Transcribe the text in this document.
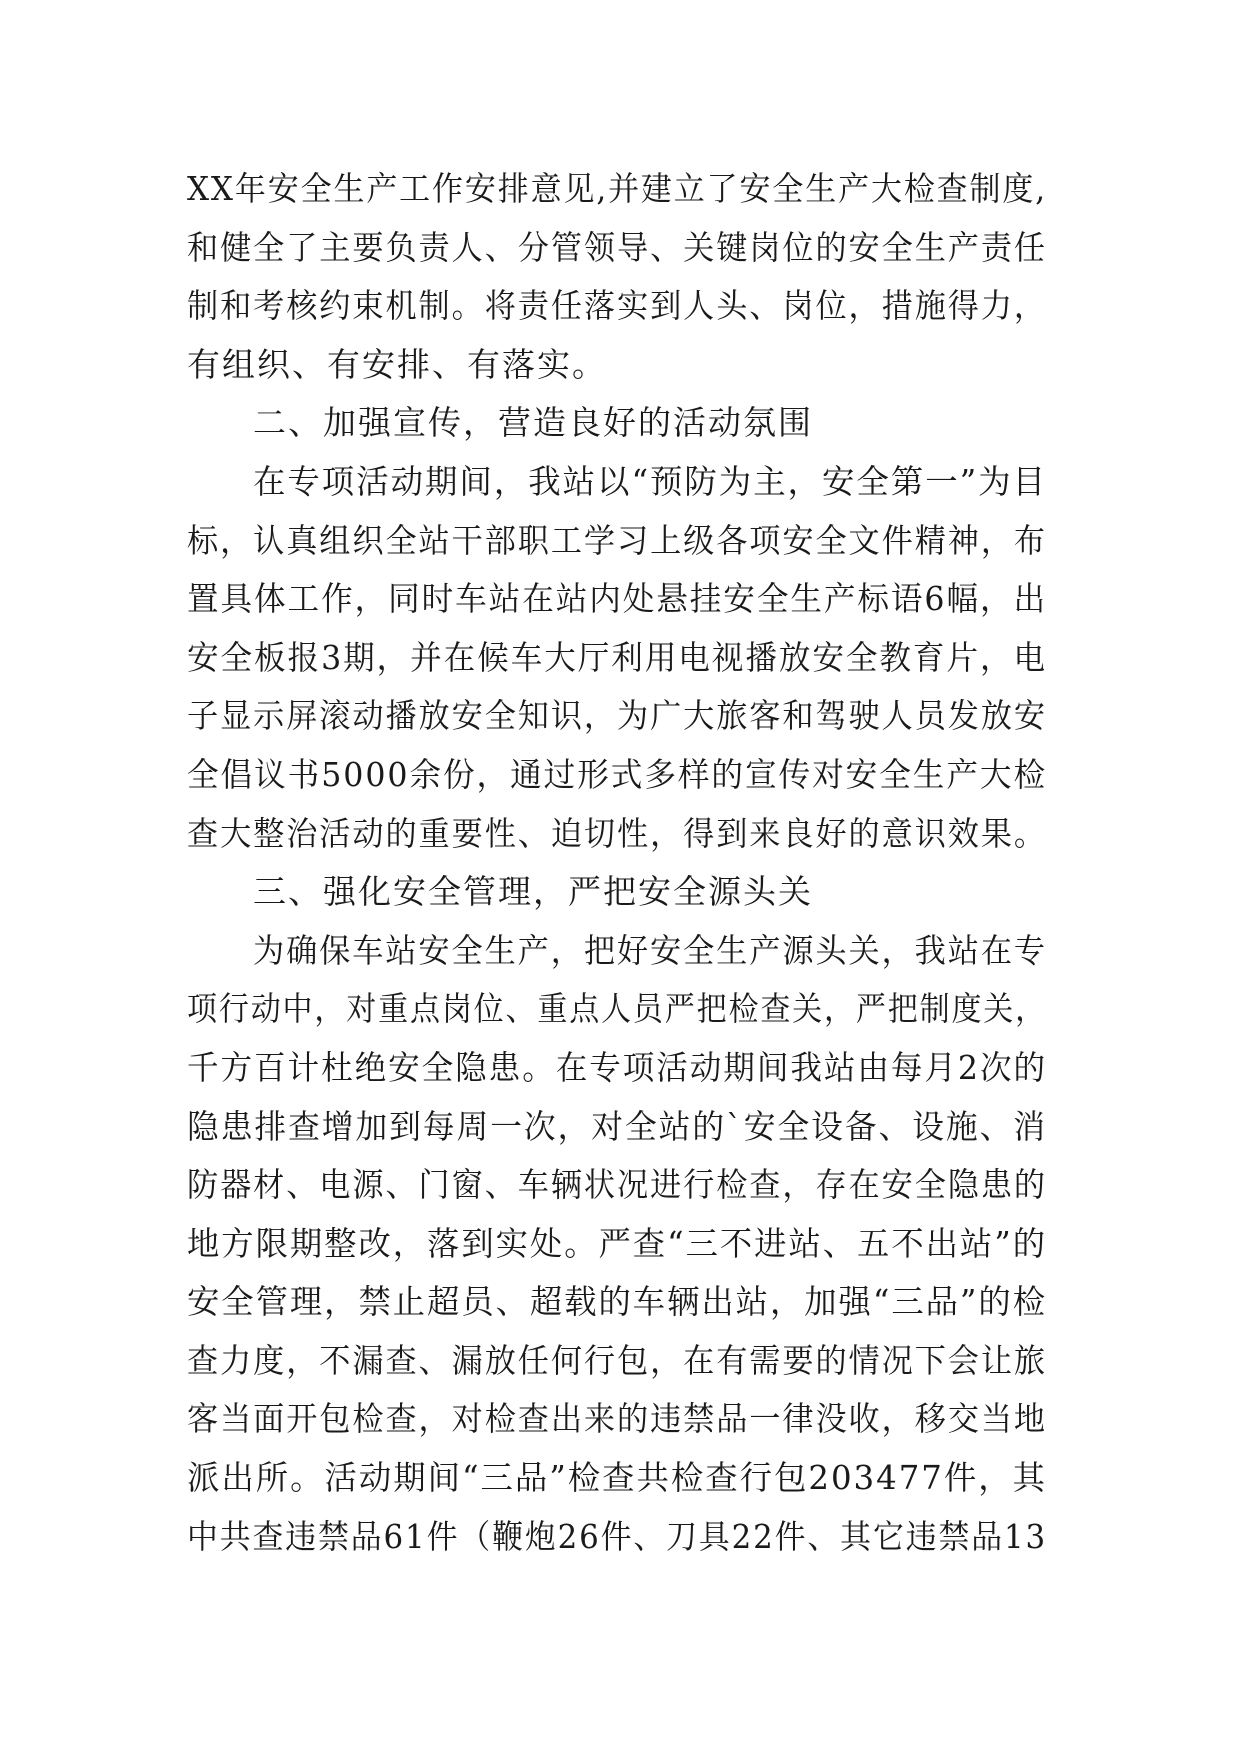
XX年安全生产工作安排意见,并建立了安全生产大检查制度,
和健全了主要负责人、分管领导、关键岗位的安全生产责任
制和考核约束机制。将责任落实到人头、岗位，措施得力，
有组织、有安排、有落实。
二、加强宣传，营造良好的活动氛围
在专项活动期间，我站以“预防为主，安全第一”为目
标，认真组织全站干部职工学习上级各项安全文件精神，布
置具体工作，同时车站在站内处悬挂安全生产标语6幅，出
安全板报3期，并在候车大厅利用电视播放安全教育片，电
子显示屏滚动播放安全知识，为广大旅客和驾驶人员发放安
全倡议书5000余份，通过形式多样的宣传对安全生产大检
查大整治活动的重要性、迫切性，得到来良好的意识效果。
三、强化安全管理，严把安全源头关
为确保车站安全生产，把好安全生产源头关，我站在专
项行动中，对重点岗位、重点人员严把检查关，严把制度关，
千方百计杜绝安全隐患。在专项活动期间我站由每月2次的
隐患排查增加到每周一次，对全站的`安全设备、设施、消
防器材、电源、门窗、车辆状况进行检查，存在安全隐患的
地方限期整改，落到实处。严查“三不进站、五不出站”的
安全管理，禁止超员、超载的车辆出站，加强“三品”的检
查力度，不漏查、漏放任何行包，在有需要的情况下会让旅
客当面开包检查，对检查出来的违禁品一律没收，移交当地
派出所。活动期间“三品”检查共检查行包203477件，其
中共查违禁品61件（鞭炮26件、刀具22件、其它违禁品13
